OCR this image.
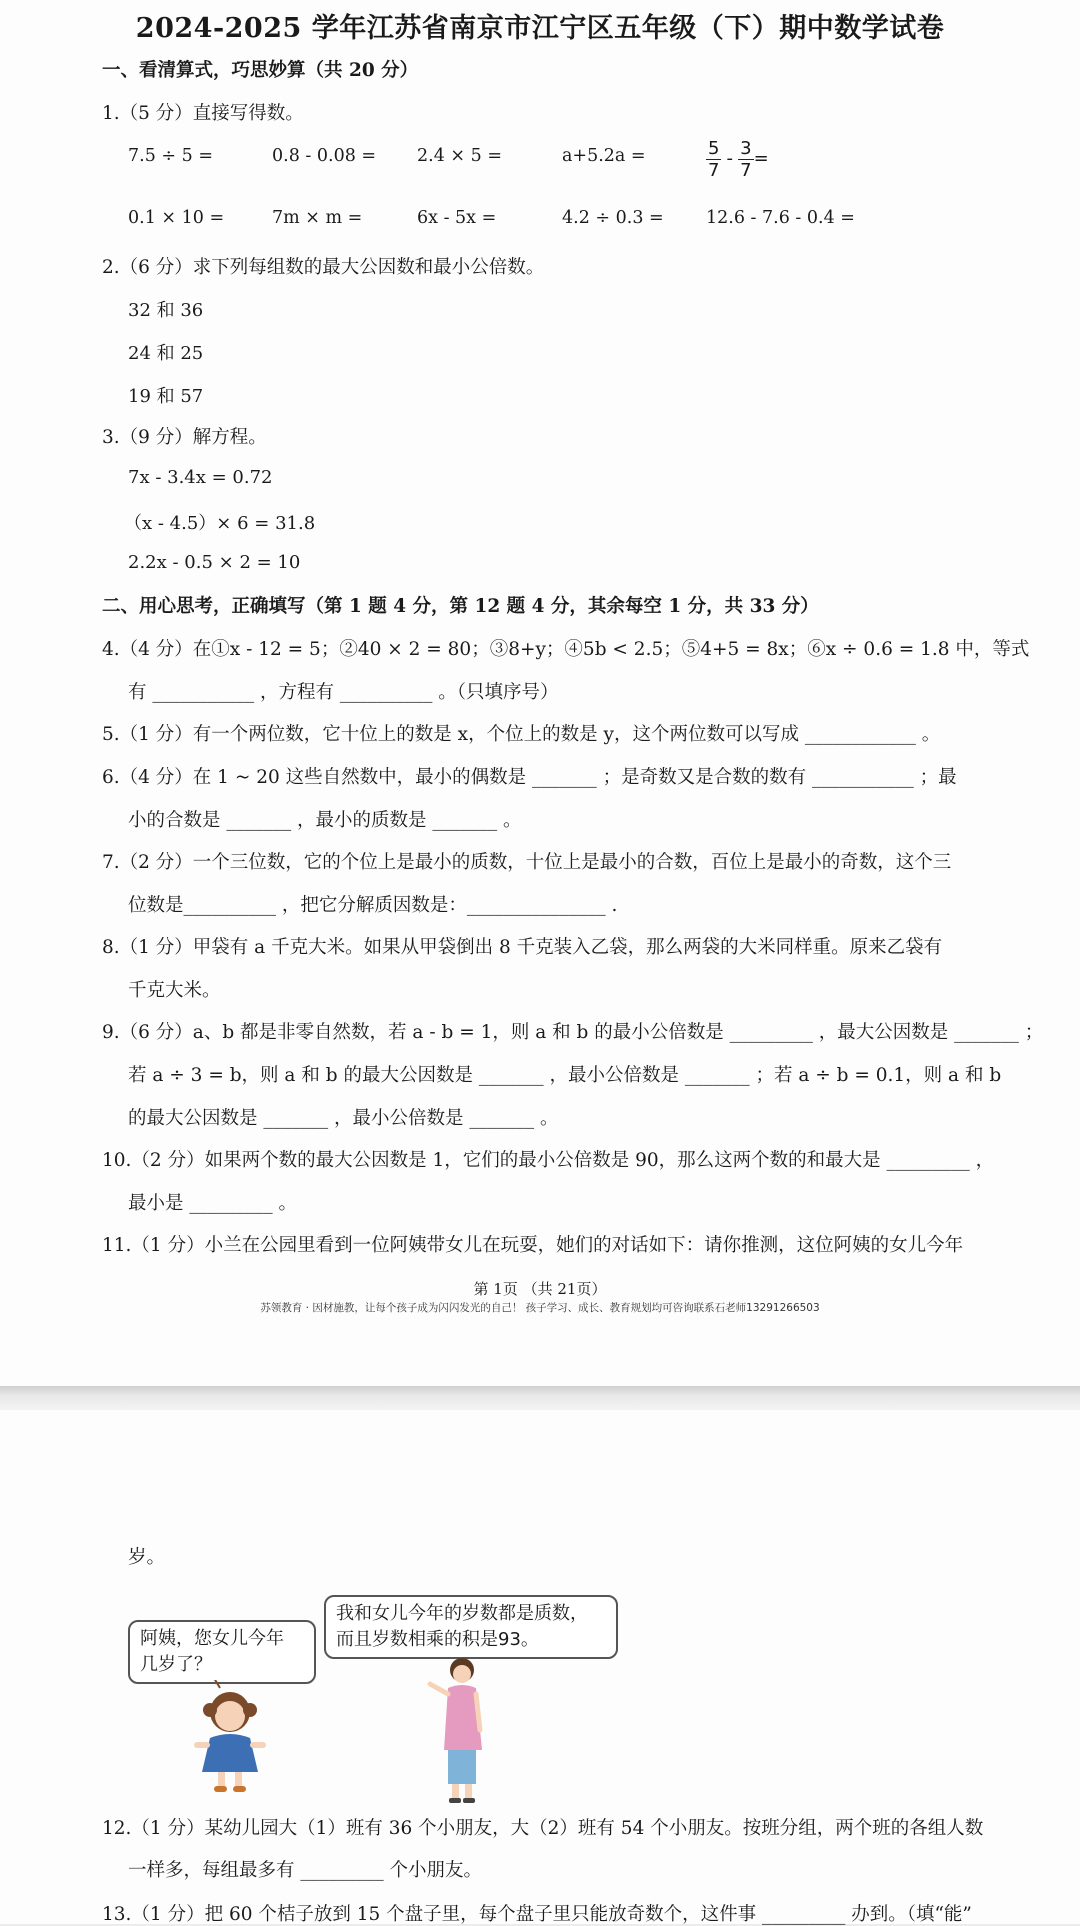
2024-2025 学年江苏省南京市江宁区五年级（下）期中数学试卷
一、看清算式，巧思妙算（共 20 分）
1.（5 分）直接写得数。
7.5 ÷ 5 =	0.8 - 0.08 = 2.4 × 5 =	a+5.2a =	$\frac{5}{7} - \frac{3}{7}$ =
0.1 × 10 =	7m × m =	6x - 5x =	4.2 ÷ 0.3 = 12.6 - 7.6 - 0.4 =
2.（6 分）求下列每组数的最大公因数和最小公倍数。
32 和 36
24 和 25
19 和 57
3.（9 分）解方程。
7x - 3.4x = 0.72
（x - 4.5）× 6 = 31.8
2.2x - 0.5 × 2 = 10
二、用心思考，正确填写（第 1 题 4 分，第 12 题 4 分，其余每空 1 分，共 33 分）
4.（4 分）在①x - 12 = 5；②40 × 2 = 80；③8+y；④5b < 2.5；⑤4+5 = 8x；⑥x ÷ 0.6 = 1.8 中，等式
有 ___________ ，方程有 __________ 。（只填序号）
5.（1 分）有一个两位数，它十位上的数是 x，个位上的数是 y，这个两位数可以写成 ____________ 。
6.（4 分）在 1 ~ 20 这些自然数中，最小的偶数是 _______ ；是奇数又是合数的数有 ___________ ；最
小的合数是 _______ ，最小的质数是 _______ 。
7.（2 分）一个三位数，它的个位上是最小的质数，十位上是最小的合数，百位上是最小的奇数，这个三
位数是__________ ，把它分解质因数是：_______________ .
8.（1 分）甲袋有 a 千克大米。如果从甲袋倒出 8 千克装入乙袋，那么两袋的大米同样重。原来乙袋有
千克大米。
9.（6 分）a、b 都是非零自然数，若 a - b = 1，则 a 和 b 的最小公倍数是 _________ ，最大公因数是 _______ ；
若 a ÷ 3 = b，则 a 和 b 的最大公因数是 _______ ，最小公倍数是 _______ ；若 a ÷ b = 0.1，则 a 和 b
的最大公因数是 _______ ，最小公倍数是 _______ 。
10.（2 分）如果两个数的最大公因数是 1，它们的最小公倍数是 90，那么这两个数的和最大是 _________ ，
最小是 _________ 。
11.（1 分）小兰在公园里看到一位阿姨带女儿在玩耍，她们的对话如下：请你推测，这位阿姨的女儿今年
第 1页 （共 21页）
苏领教育 · 因材施教，让每个孩子成为闪闪发光的自己！ 孩子学习、成长、教育规划均可咨询联系石老师13291266503
岁。
阿姨，您女儿今年
几岁了？
我和女儿今年的岁数都是质数，
而且岁数相乘的积是93。
12.（1 分）某幼儿园大（1）班有 36 个小朋友，大（2）班有 54 个小朋友。按班分组，两个班的各组人数
一样多，每组最多有 _________ 个小朋友。
13.（1 分）把 60 个桔子放到 15 个盘子里，每个盘子里只能放奇数个，这件事 _________ 办到。（填“能”
